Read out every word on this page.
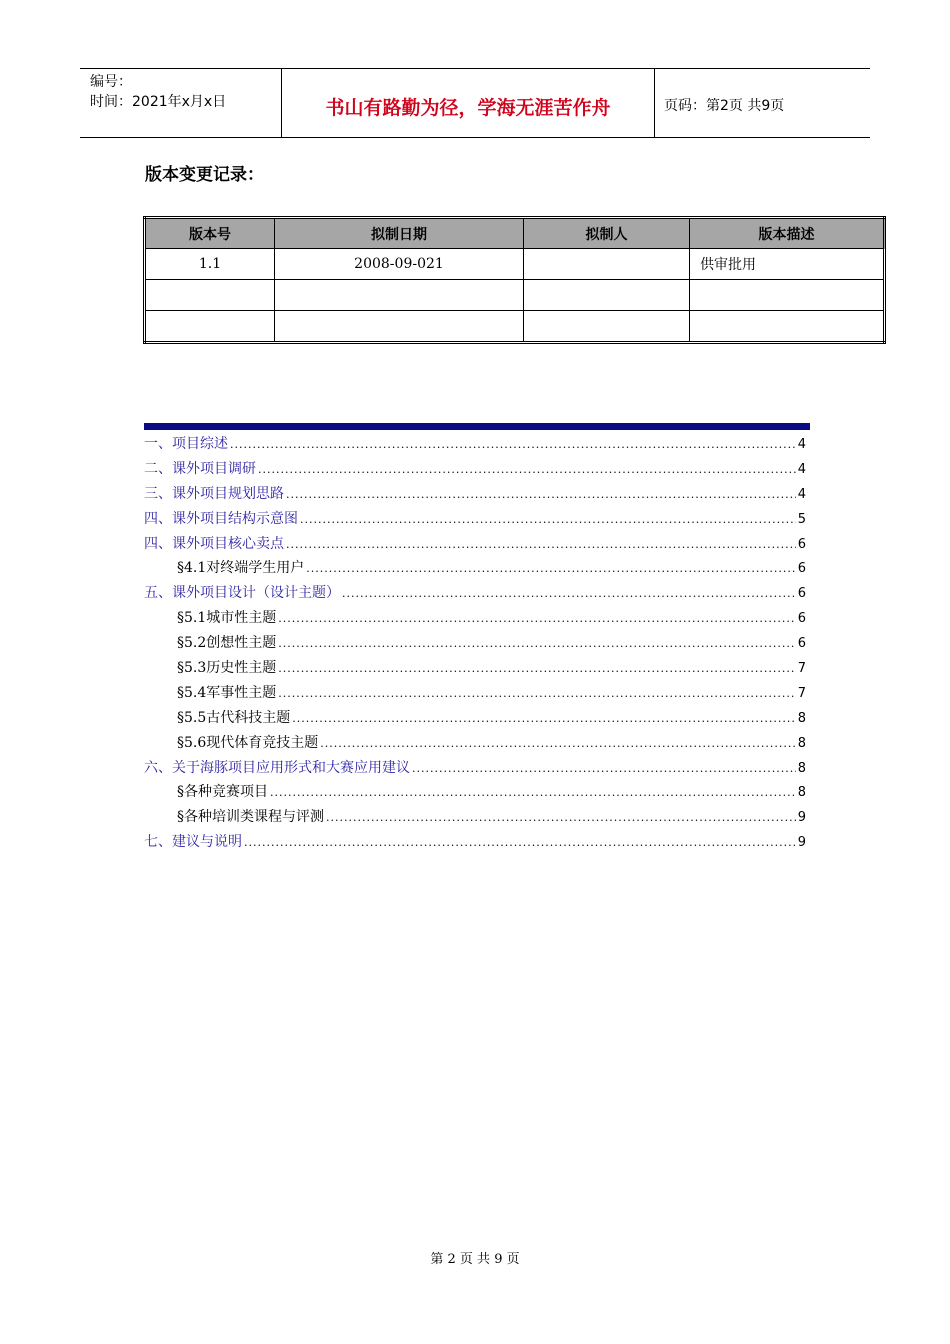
编号：
时间：2021年x月x日	书山有路勤为径，学海无涯苦作舟	页码：第2页 共9页
版本变更记录：
版本号	拟制日期	拟制人	版本描述
1.1	2008-09-021		供审批用

一、项目综述 .....	4
二、课外项目调研 .....	4
三、课外项目规划思路 .....	4
四、课外项目结构示意图 .....	5
四、课外项目核心卖点 .....	6
§4.1对终端学生用户 .....	6
五、课外项目设计（设计主题） .....	6
§5.1城市性主题 .....	6
§5.2创想性主题 .....	6
§5.3历史性主题 .....	7
§5.4军事性主题 .....	7
§5.5古代科技主题 .....	8
§5.6现代体育竞技主题 .....	8
六、关于海豚项目应用形式和大赛应用建议 .....	8
§各种竞赛项目 .....	8
§各种培训类课程与评测 .....	9
七、建议与说明 .....	9
第 2 页 共 9 页
